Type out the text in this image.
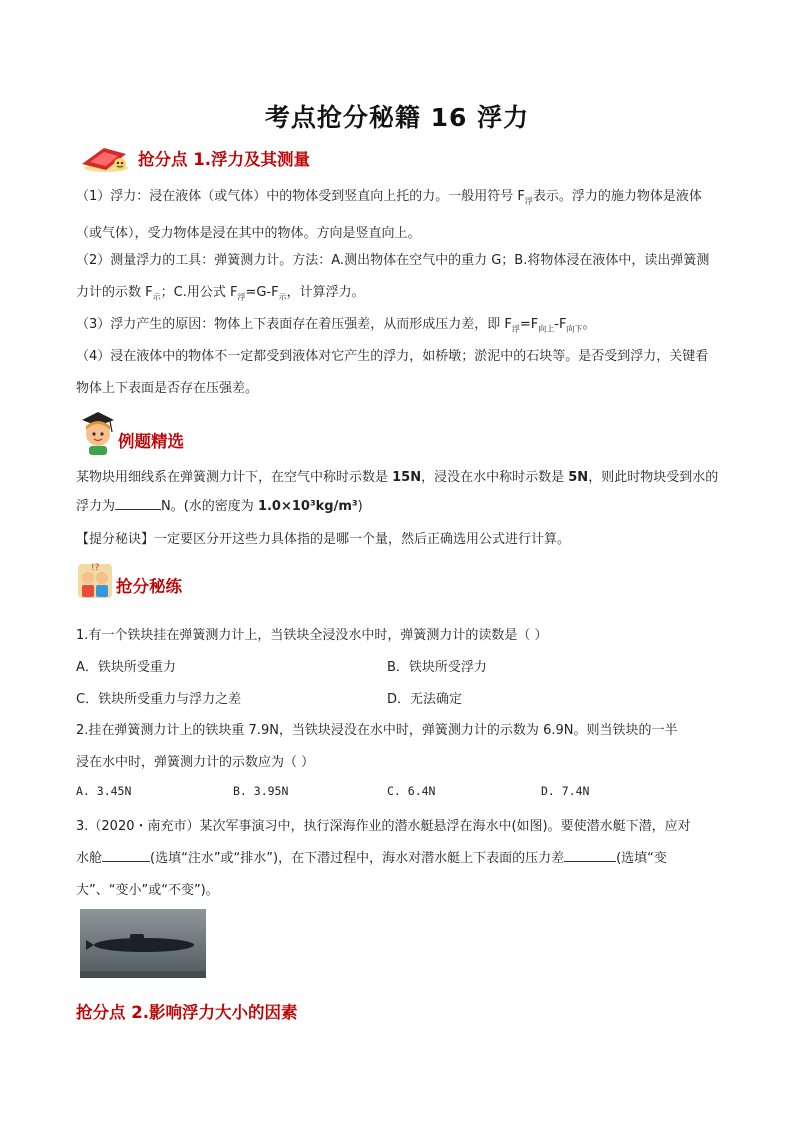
考点抢分秘籍 16 浮力
抢分点 1.浮力及其测量
（1）浮力：浸在液体（或气体）中的物体受到竖直向上托的力。一般用符号 $F_浮$表示。浮力的施力物体是液体（或气体），受力物体是浸在其中的物体。方向是竖直向上。
（2）测量浮力的工具：弹簧测力计。方法：A.测出物体在空气中的重力 G；B.将物体浸在液体中，读出弹簧测力计的示数 $F_示$；C.用公式 $F_浮=G-F_示$，计算浮力。
（3）浮力产生的原因：物体上下表面存在着压强差，从而形成压力差，即 $F_浮=F_{向上}-F_{向下}$。
（4）浸在液体中的物体不一定都受到液体对它产生的浮力，如桥墩；淤泥中的石块等。是否受到浮力，关键看物体上下表面是否存在压强差。
例题精选
某物块用细线系在弹簧测力计下，在空气中称时示数是 15N，浸没在水中称时示数是 5N，则此时物块受到水的浮力为	N。(水的密度为 1.0×10³kg/m³)
【提分秘诀】一定要区分开这些力具体指的是哪一个量，然后正确选用公式进行计算。
!?
抢分秘练
1.有一个铁块挂在弹簧测力计上，当铁块全浸没水中时，弹簧测力计的读数是（ ）
A．铁块所受重力	B．铁块所受浮力
C．铁块所受重力与浮力之差	D．无法确定
2.挂在弹簧测力计上的铁块重 7.9N，当铁块浸没在水中时，弹簧测力计的示数为 6.9N。则当铁块的一半
浸在水中时，弹簧测力计的示数应为（ ）
A. 3.45N	B. 3.95N	C. 6.4N	D. 7.4N
3.（2020・南充市）某次军事演习中，执行深海作业的潜水艇悬浮在海水中(如图)。要使潜水艇下潜，应对
水舱	(选填“注水”或“排水”)，在下潜过程中，海水对潜水艇上下表面的压力差	(选填“变
大”、“变小”或“不变”)。
抢分点 2.影响浮力大小的因素
